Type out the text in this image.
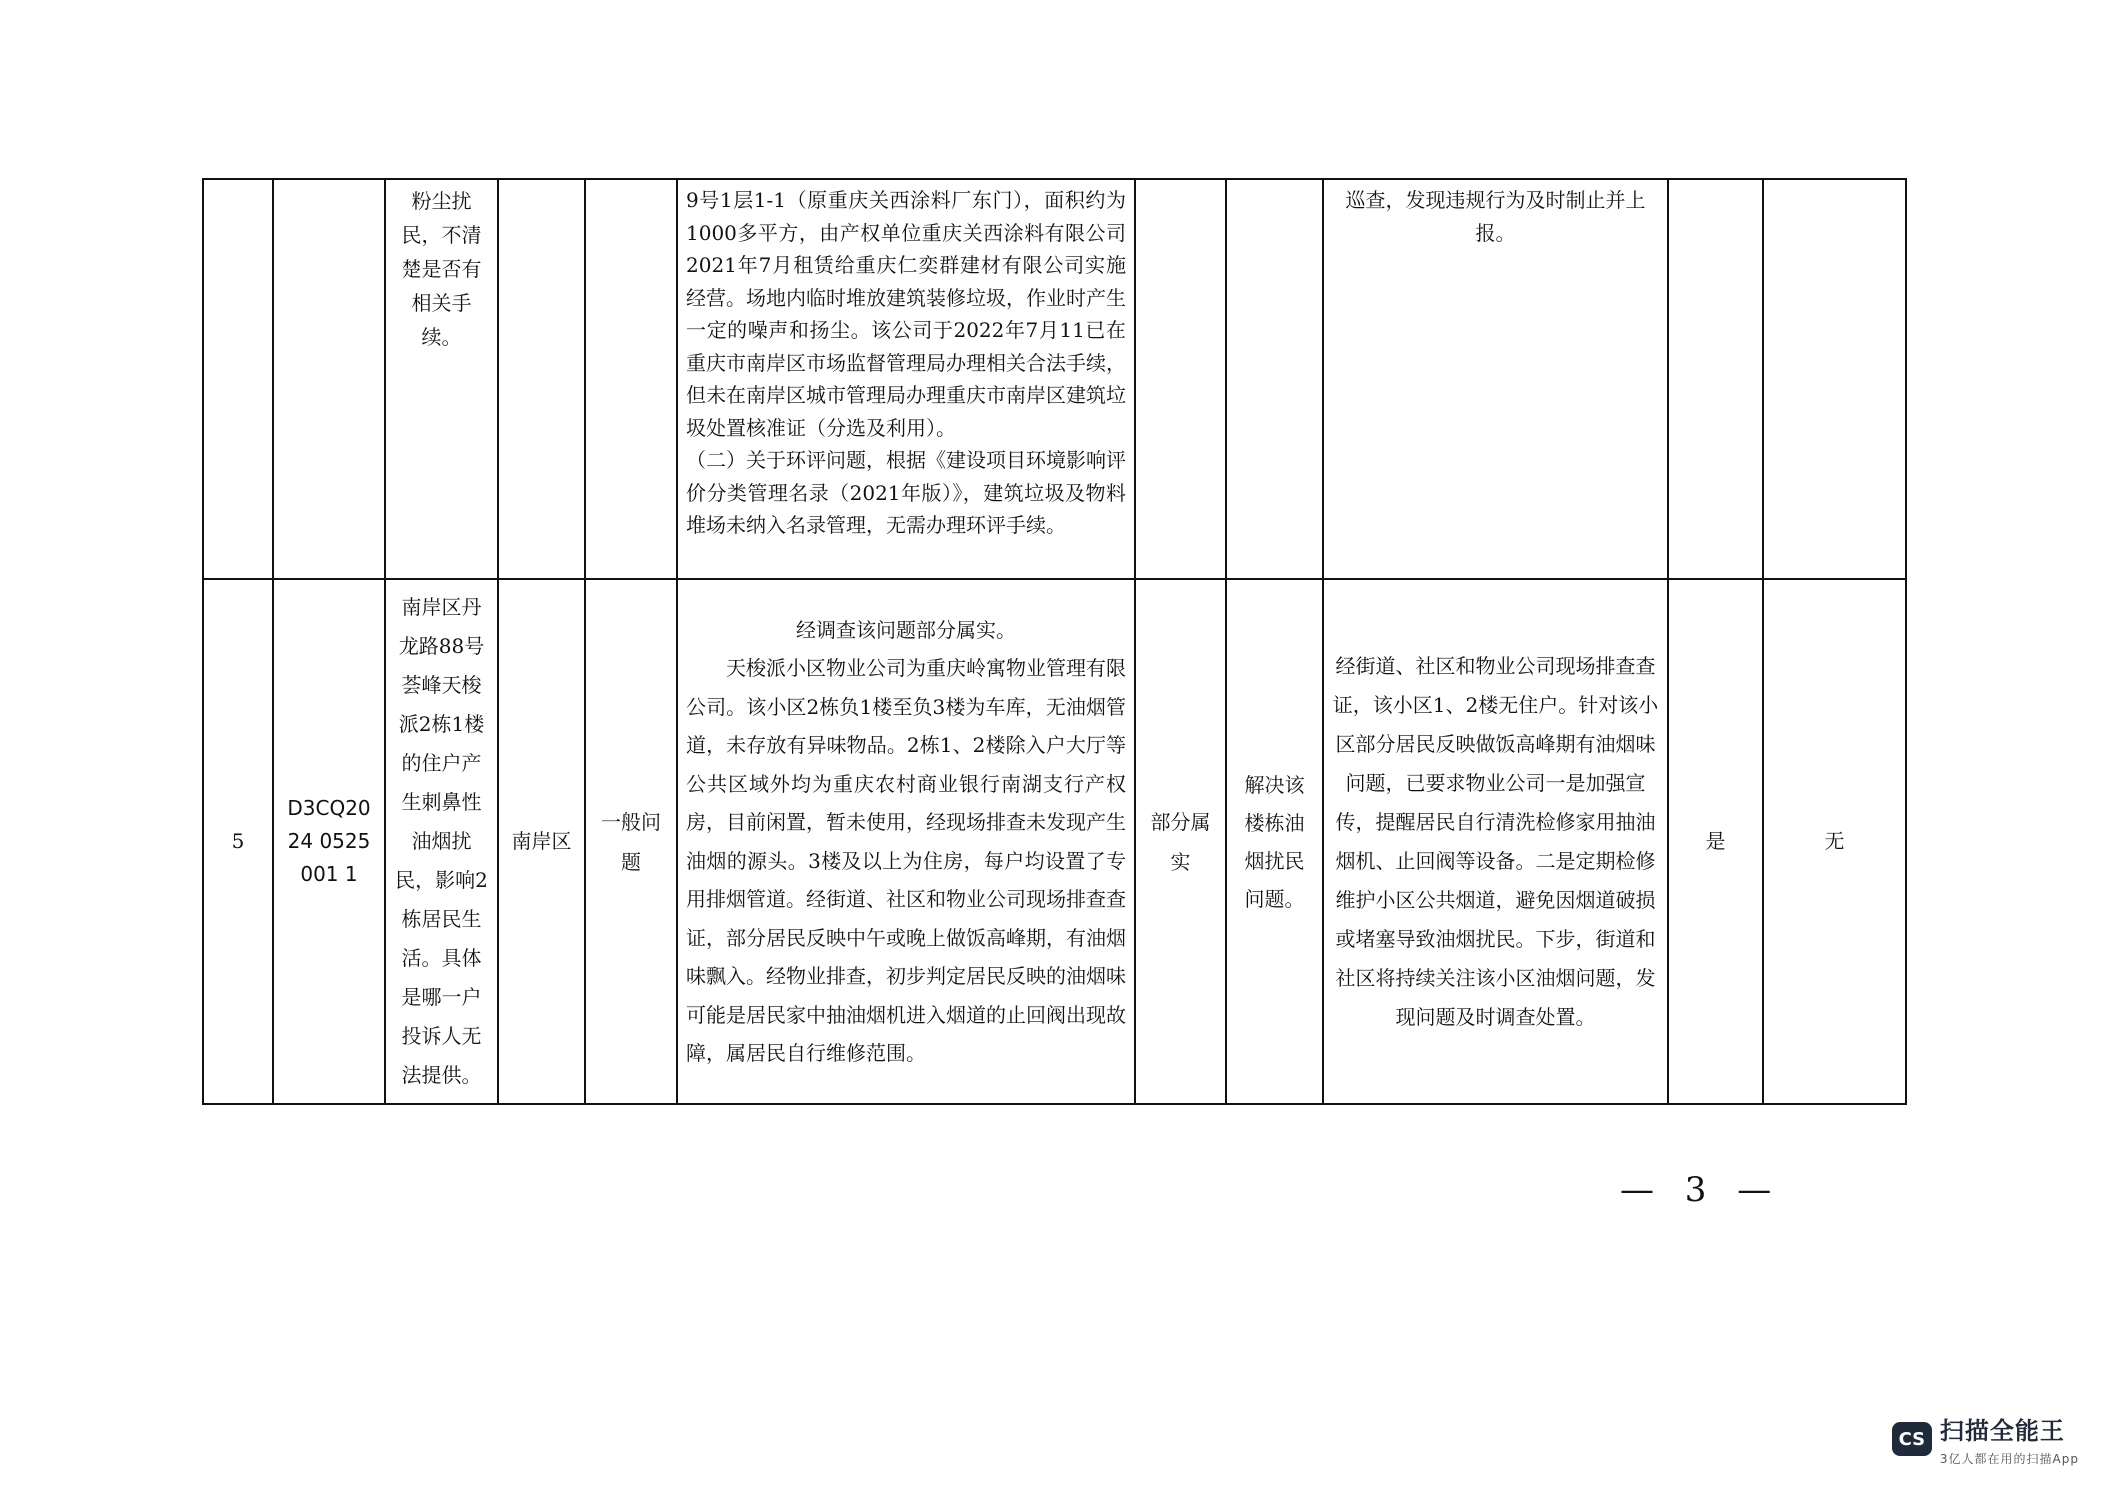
		粉尘扰民，不清楚是否有相关手续。			9号1层1-1（原重庆关西涂料厂东门），面积约为1000多平方，由产权单位重庆关西涂料有限公司2021年7月租赁给重庆仁奕群建材有限公司实施经营。场地内临时堆放建筑装修垃圾，作业时产生一定的噪声和扬尘。该公司于2022年7月11已在重庆市南岸区市场监督管理局办理相关合法手续，但未在南岸区城市管理局办理重庆市南岸区建筑垃圾处置核准证（分选及利用）。
（二）关于环评问题，根据《建设项目环境影响评价分类管理名录（2021年版）》，建筑垃圾及物料堆场未纳入名录管理，无需办理环评手续。			巡查，发现违规行为及时制止并上报。		
5	D3CQ2024 0525001 1	南岸区丹龙路88号荟峰天梭派2栋1楼的住户产生刺鼻性油烟扰民，影响2栋居民生活。具体是哪一户投诉人无法提供。	南岸区	一般问题	经调查该问题部分属实。
天梭派小区物业公司为重庆岭寓物业管理有限公司。该小区2栋负1楼至负3楼为车库，无油烟管道，未存放有异味物品。2栋1、2楼除入户大厅等公共区域外均为重庆农村商业银行南湖支行产权房，目前闲置，暂未使用，经现场排查未发现产生油烟的源头。3楼及以上为住房，每户均设置了专用排烟管道。经街道、社区和物业公司现场排查查证，部分居民反映中午或晚上做饭高峰期，有油烟味飘入。经物业排查，初步判定居民反映的油烟味可能是居民家中抽油烟机进入烟道的止回阀出现故障，属居民自行维修范围。	部分属实	解决该楼栋油烟扰民问题。	经街道、社区和物业公司现场排查查证，该小区1、2楼无住户。针对该小区部分居民反映做饭高峰期有油烟味问题，已要求物业公司一是加强宣传，提醒居民自行清洗检修家用抽油烟机、止回阀等设备。二是定期检修维护小区公共烟道，避免因烟道破损或堵塞导致油烟扰民。下步，街道和社区将持续关注该小区油烟问题，发现问题及时调查处置。	是	无
— 3 —
CS 扫描全能王
3亿人都在用的扫描App
